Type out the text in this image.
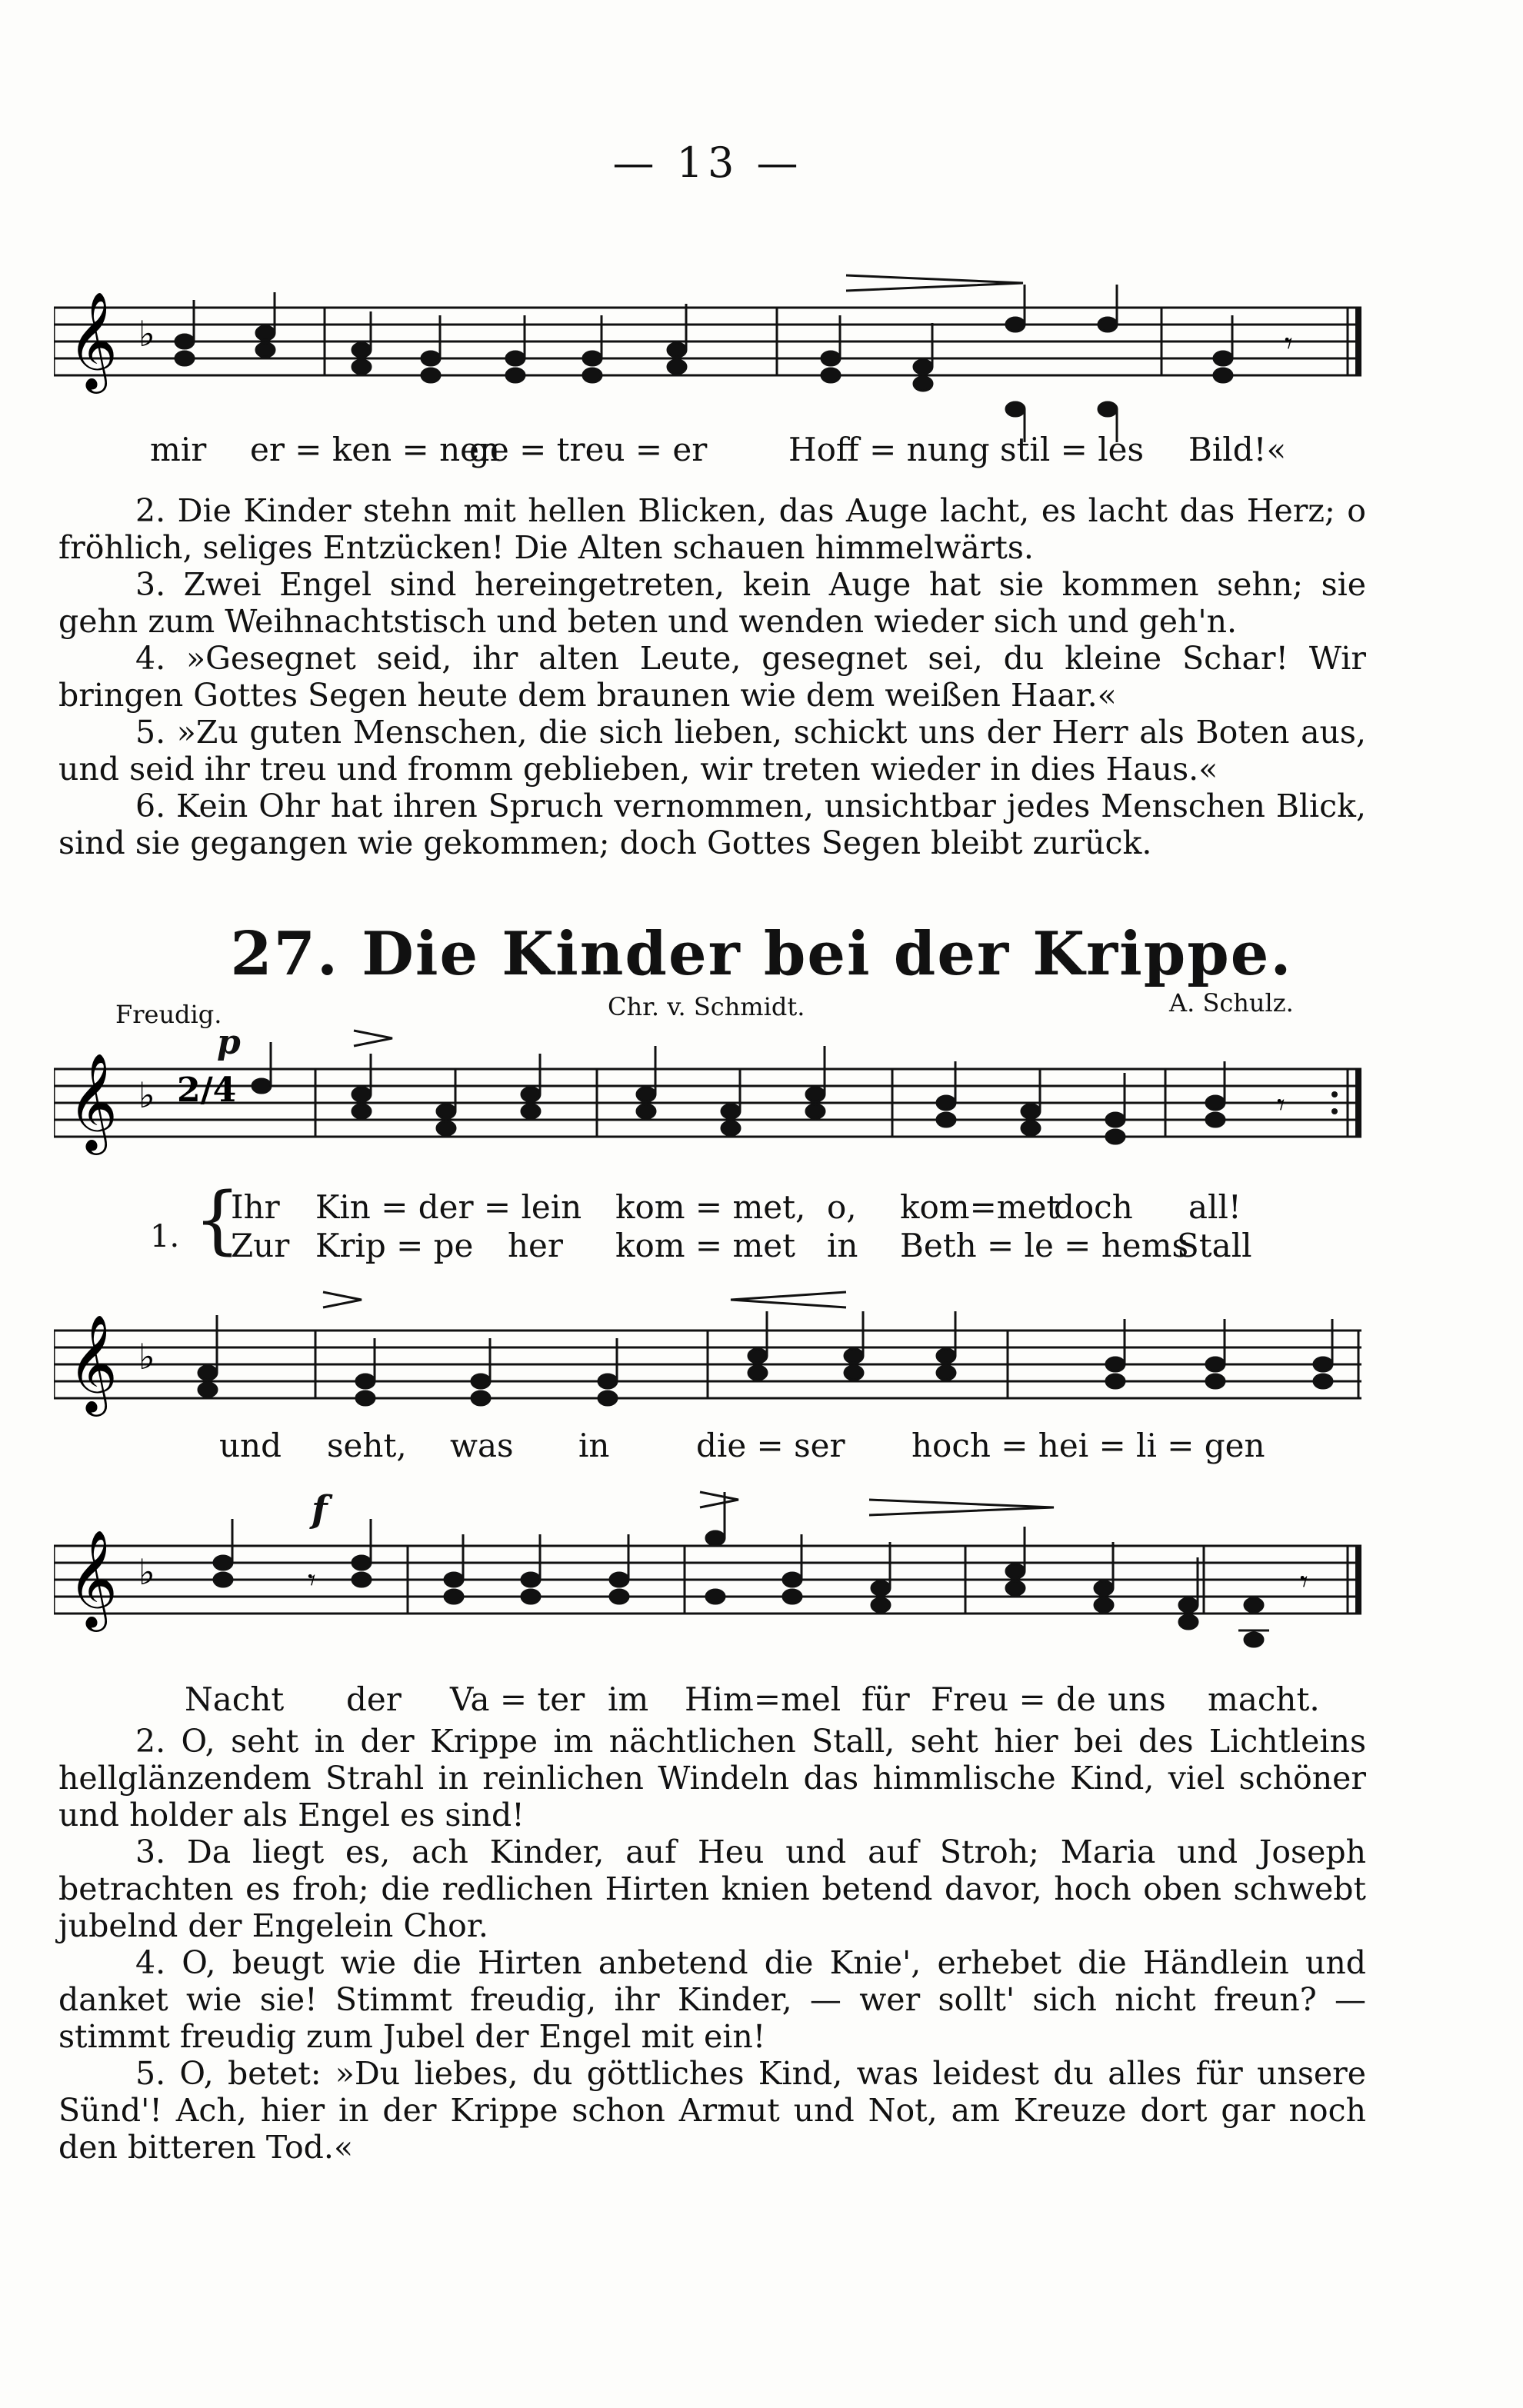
— 13 —
𝄞 ♭	𝄾
mir er = ken = nen
ge = treu = er	Hoff = nung stil = les Bild!«

2. Die Kinder stehn mit hellen Blicken, das Auge lacht, es lacht das Herz; o fröhlich, seliges Entzücken! Die Alten schauen himmelwärts.

3. Zwei Engel sind hereingetreten, kein Auge hat sie kommen sehn; sie gehn zum Weihnachtstisch und beten und wenden wieder sich und geh'n.

4. »Gesegnet seid, ihr alten Leute, gesegnet sei, du kleine Schar! Wir bringen Gottes Segen heute dem braunen wie dem weißen Haar.«

5. »Zu guten Menschen, die sich lieben, schickt uns der Herr als Boten aus, und seid ihr treu und fromm geblieben, wir treten wieder in dies Haus.«

6. Kein Ohr hat ihren Spruch vernommen, unsichtbar jedes Menschen Blick, sind sie gegangen wie gekommen; doch Gottes Segen bleibt zurück.

27. Die Kinder bei der Krippe.
Freudig.	Chr. v. Schmidt.	A. Schulz.
p
𝄞 ♭ 2/4	𝄾
1. {
Ihr Kin = der = lein kom = met, o, kom=met
doch all!
Zur Krip = pe her kom = met in Beth = le = hems
Stall
𝄞 ♭
und seht, was in	die = ser hoch = hei = li = gen
f
𝄞 ♭	𝄾	𝄾
Nacht der Va = ter im Him=mel für Freu = de uns macht.

2. O, seht in der Krippe im nächtlichen Stall, seht hier bei des Lichtleins hellglänzendem Strahl in reinlichen Windeln das himmlische Kind, viel schöner und holder als Engel es sind!

3. Da liegt es, ach Kinder, auf Heu und auf Stroh; Maria und Joseph betrachten es froh; die redlichen Hirten knien betend davor, hoch oben schwebt jubelnd der Engelein Chor.

4. O, beugt wie die Hirten anbetend die Knie', erhebet die Händlein und danket wie sie! Stimmt freudig, ihr Kinder, — wer sollt' sich nicht freun? — stimmt freudig zum Jubel der Engel mit ein!

5. O, betet: »Du liebes, du göttliches Kind, was leidest du alles für unsere Sünd'! Ach, hier in der Krippe schon Armut und Not, am Kreuze dort gar noch den bitteren Tod.«
